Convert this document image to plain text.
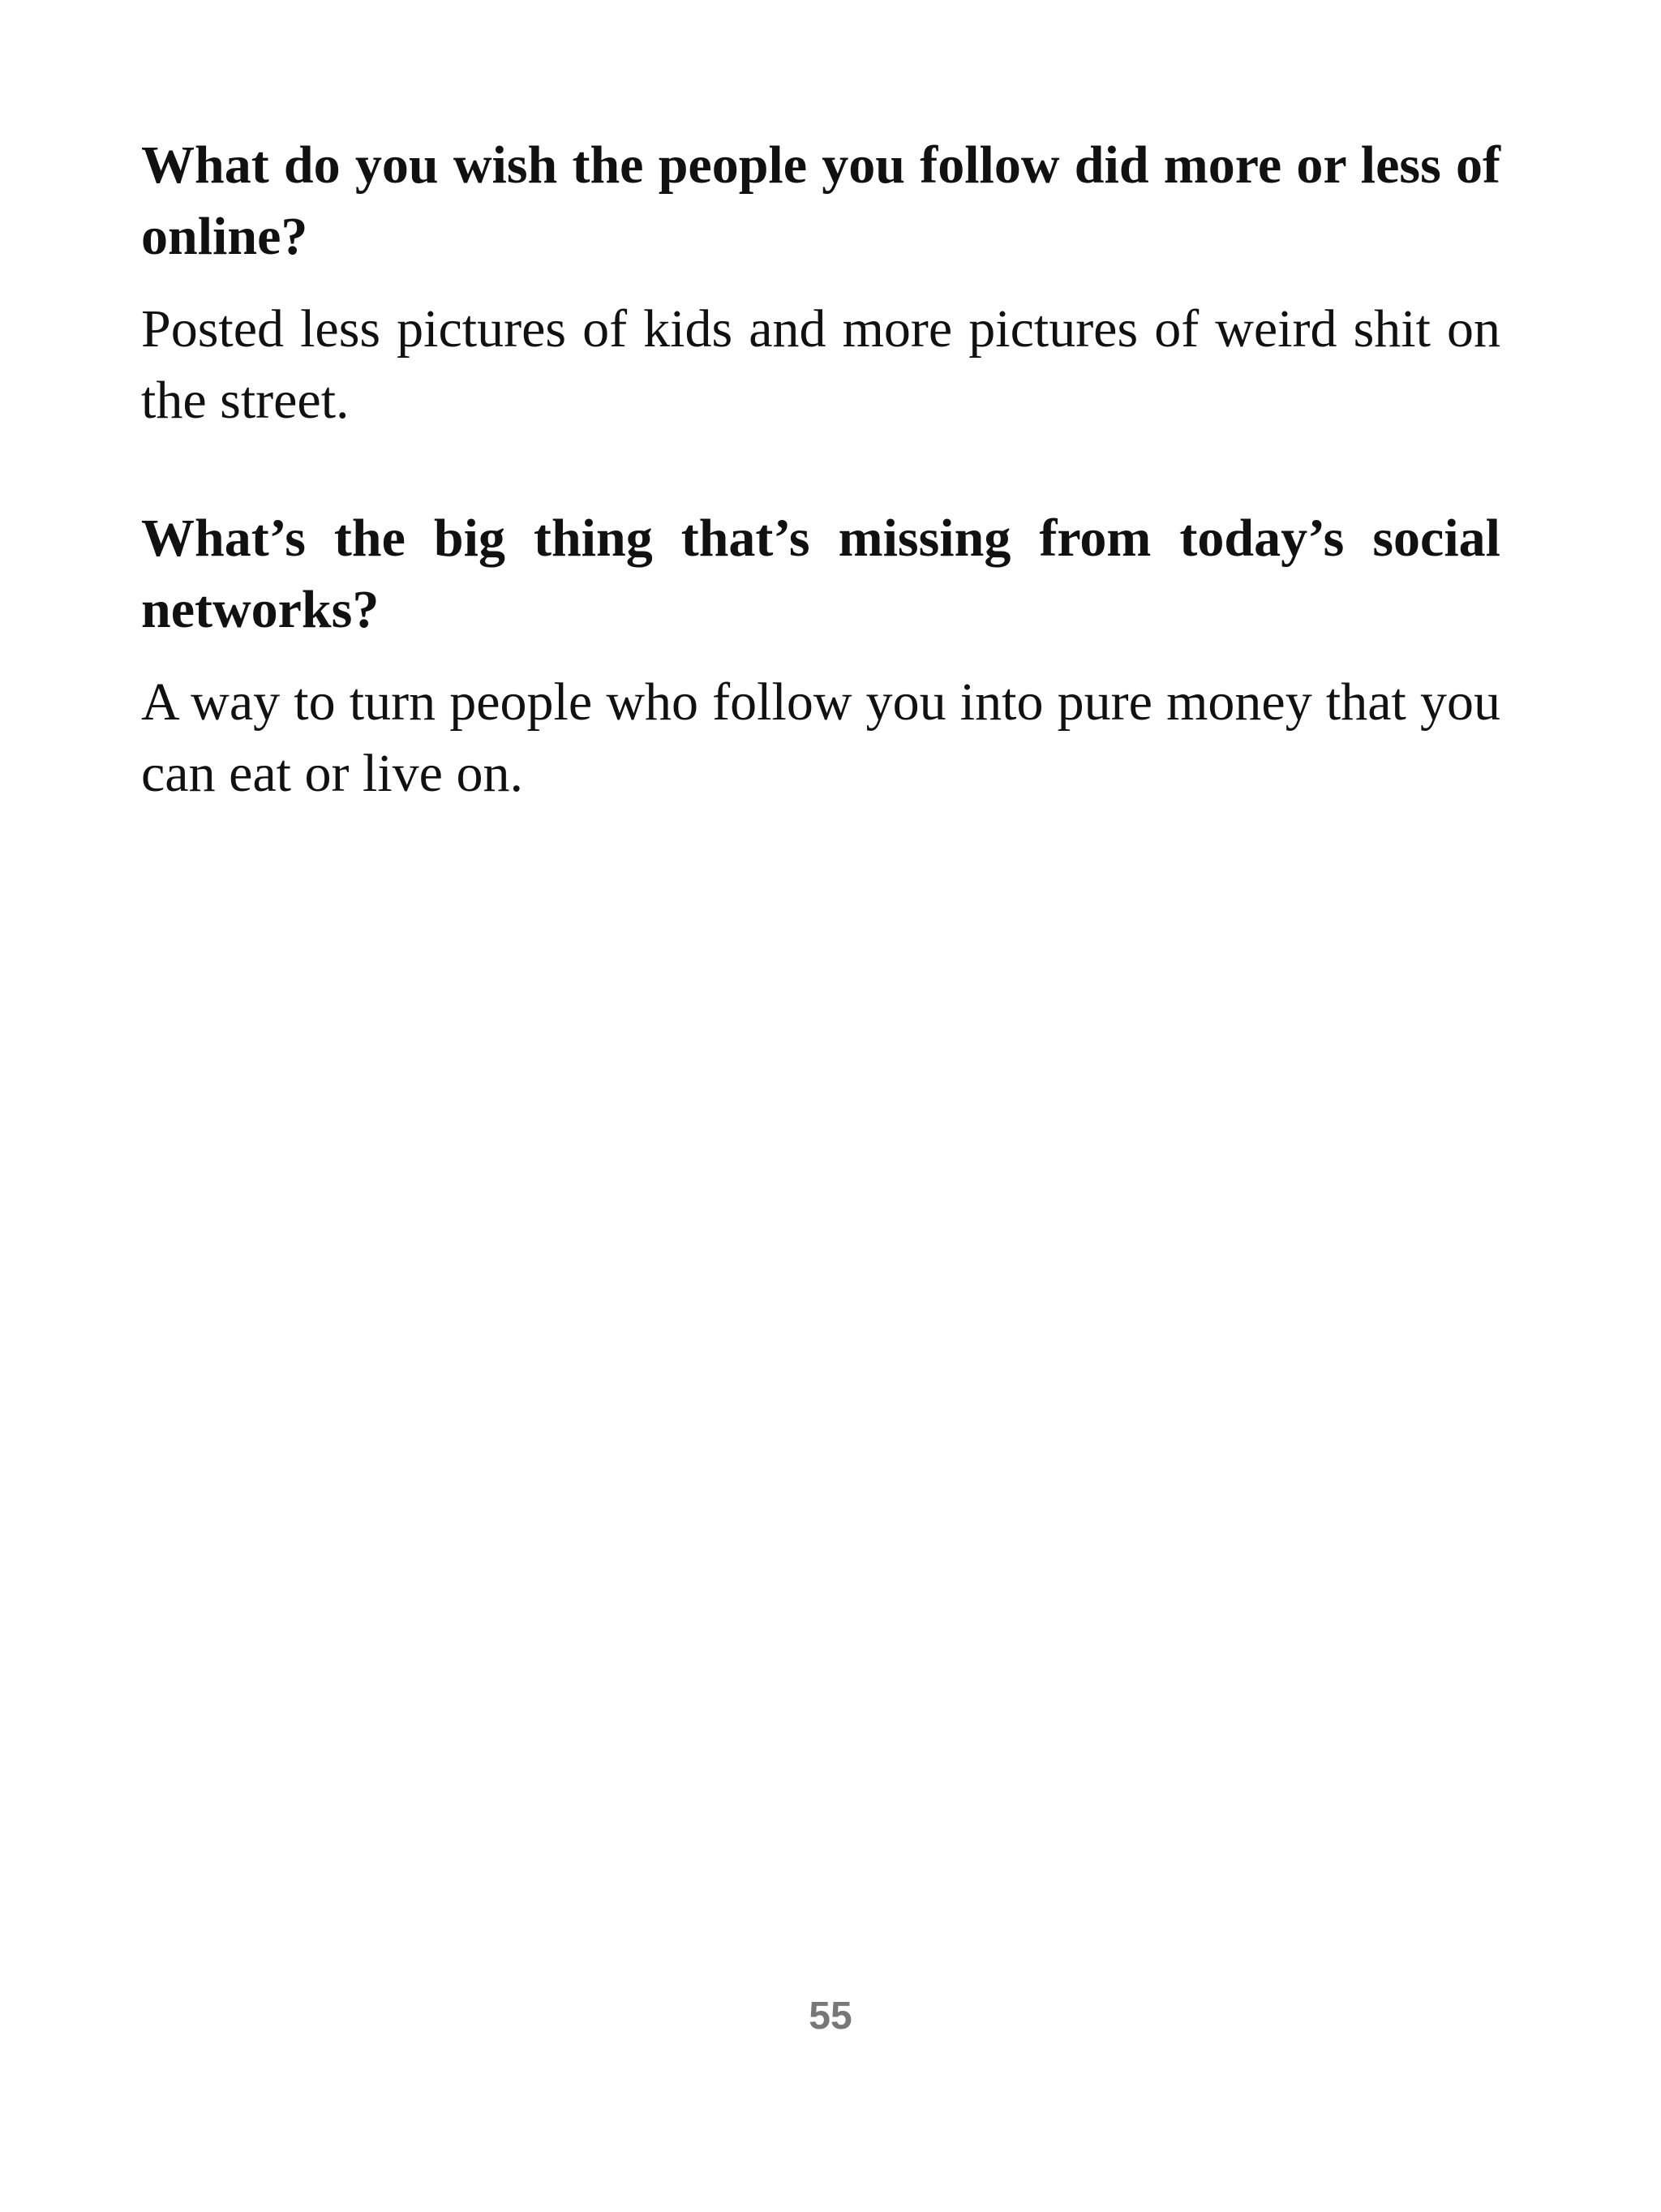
What do you wish the people you follow did more or less of online?

Posted less pictures of kids and more pictures of weird shit on the street.

What’s the big thing that’s missing from today’s social networks?

A way to turn people who follow you into pure money that you can eat or live on.

55
